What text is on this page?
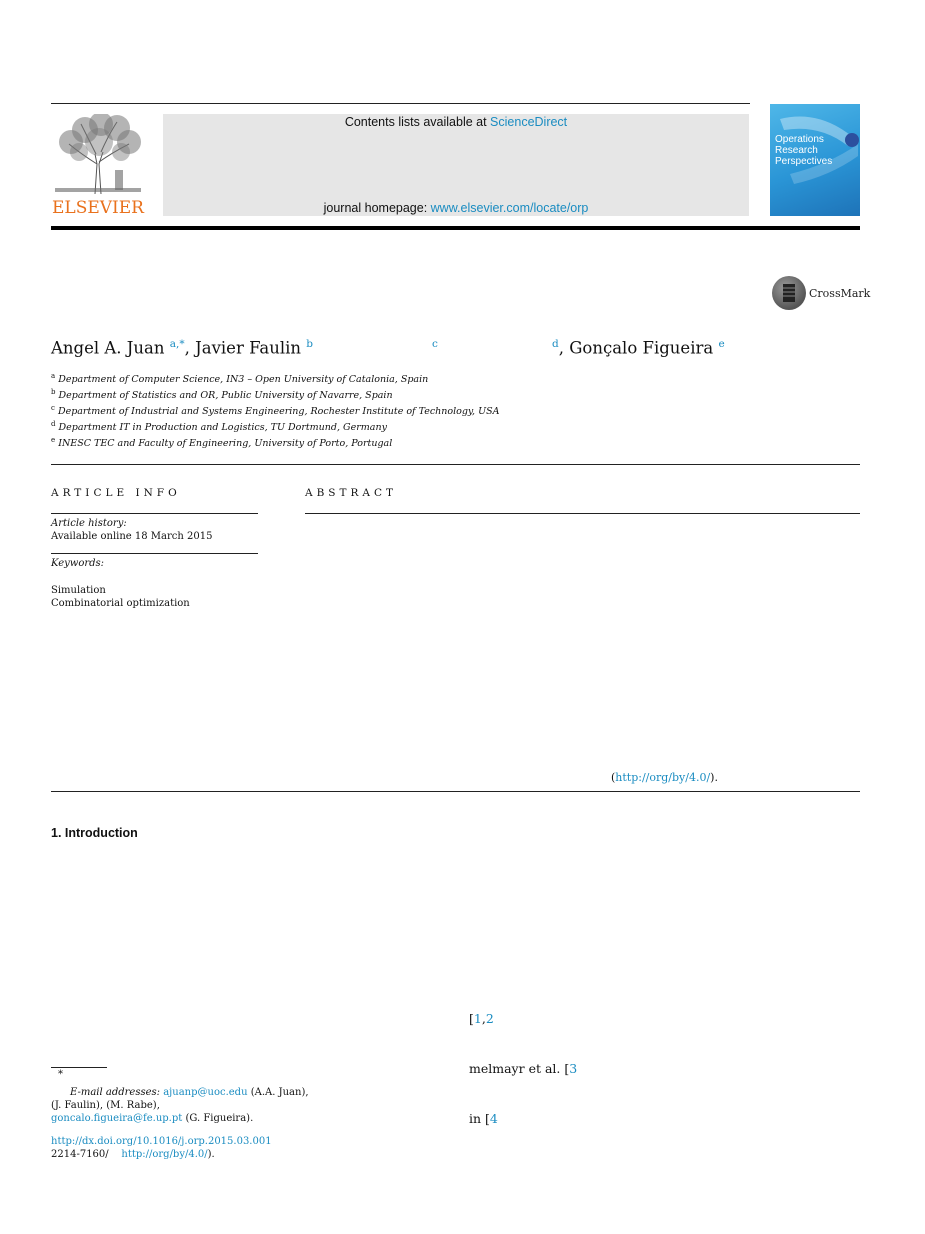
ELSEVIER
Contents lists available at ScienceDirect
journal homepage: www.elsevier.com/locate/orp
Operations
Research
Perspectives
CrossMark
Angel A. Juan $^{a,*}$, Javier Faulin $^b$	$^c$	$^d$, Gonçalo Figueira $^e$
$^a$ Department of Computer Science, IN3 – Open University of Catalonia, Spain
$^b$ Department of Statistics and OR, Public University of Navarre, Spain
$^c$ Department of Industrial and Systems Engineering, Rochester Institute of Technology, USA
$^d$ Department IT in Production and Logistics, TU Dortmund, Germany
$^e$ INESC TEC and Faculty of Engineering, University of Porto, Portugal
ARTICLE INFO
Article history:
Available online 18 March 2015
Keywords:
Simulation
Combinatorial optimization
ABSTRACT
(http://org/by/4.0/).
1. Introduction
[1,2
melmayr et al. [3
in [4
*
E-mail addresses: ajuanp@uoc.edu (A.A. Juan),
(J. Faulin), (M. Rabe),
goncalo.figueira@fe.up.pt (G. Figueira).
http://dx.doi.org/10.1016/j.orp.2015.03.001
2214-7160/ http://org/by/4.0/).
